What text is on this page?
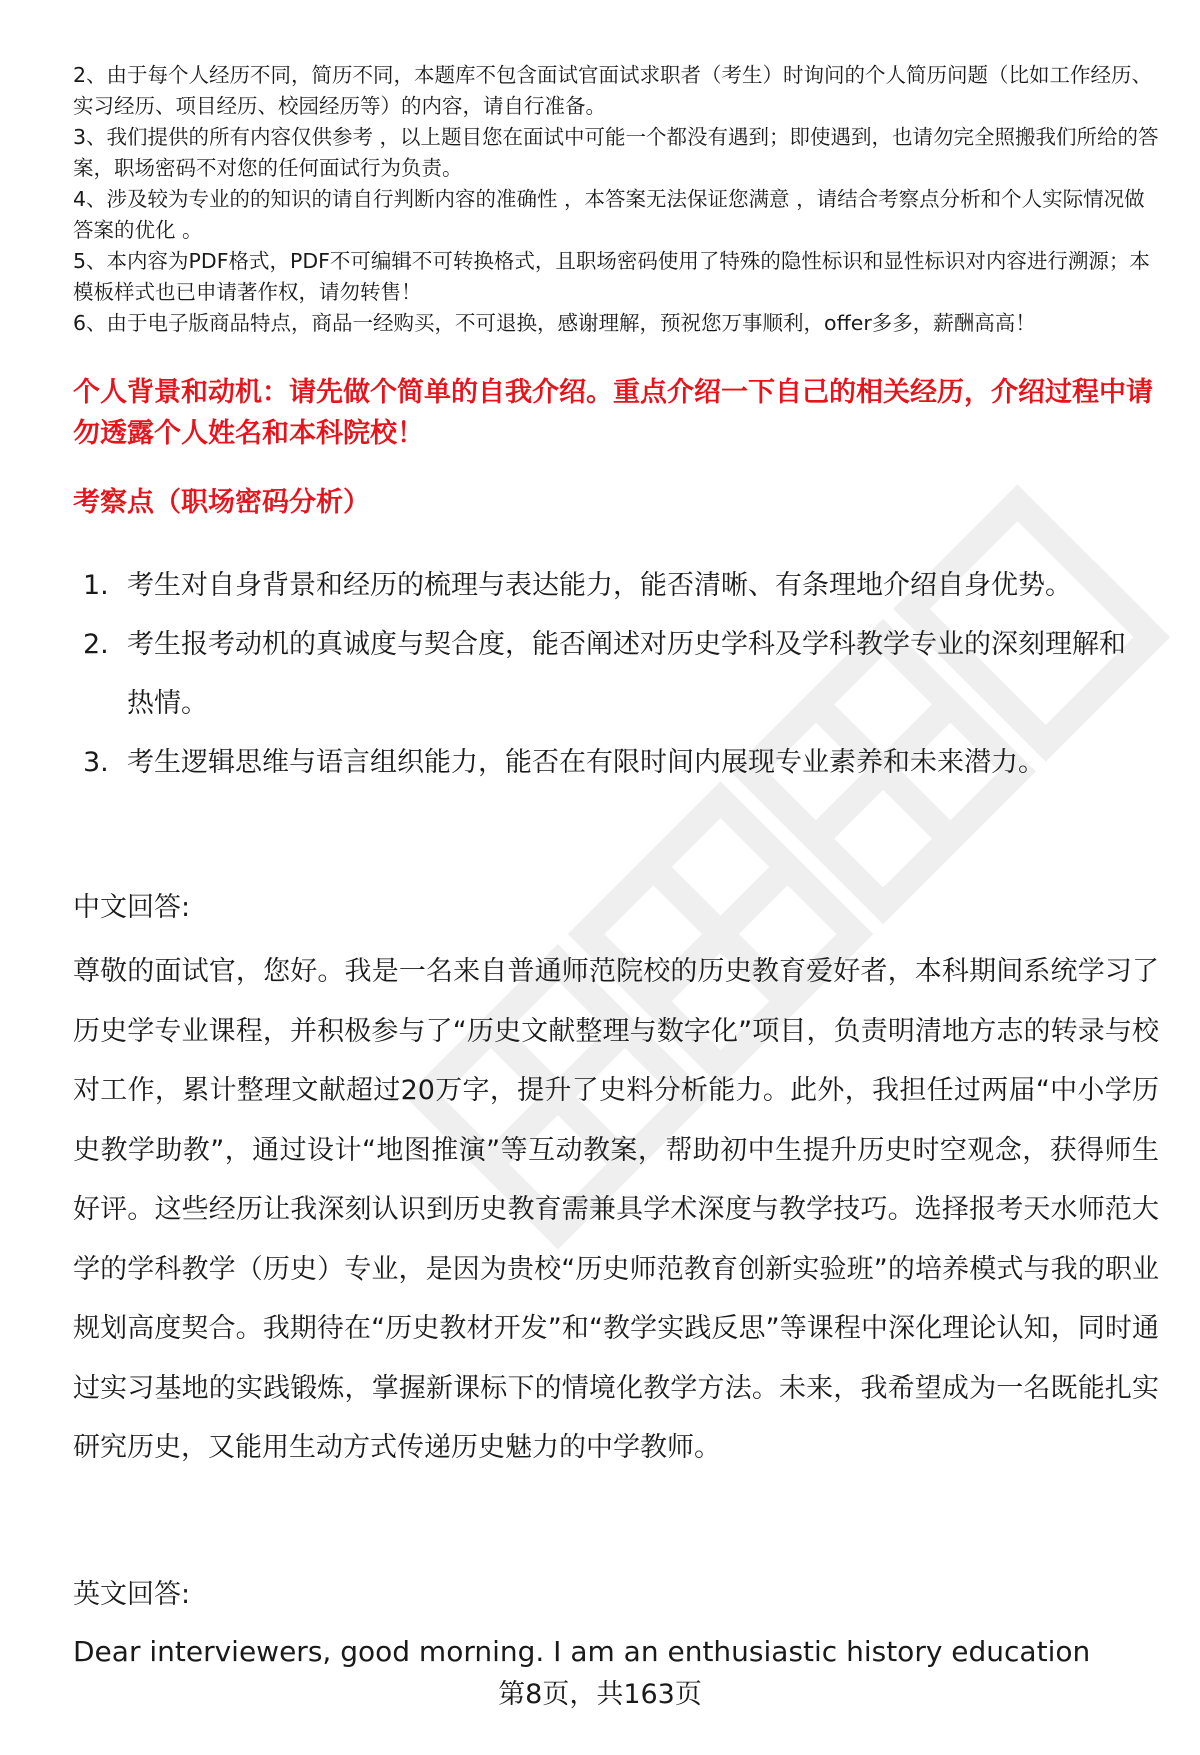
2、由于每个人经历不同，简历不同，本题库不包含面试官面试求职者（考生）时询问的个人简历问题（比如工作经历、实习经历、项目经历、校园经历等）的内容，请自行准备。

3、我们提供的所有内容仅供参考 ，以上题目您在面试中可能一个都没有遇到；即使遇到，也请勿完全照搬我们所给的答案，职场密码不对您的任何面试行为负责。

4、涉及较为专业的的知识的请自行判断内容的准确性 ，本答案无法保证您满意 ，请结合考察点分析和个人实际情况做答案的优化 。

5、本内容为PDF格式，PDF不可编辑不可转换格式，且职场密码使用了特殊的隐性标识和显性标识对内容进行溯源；本模板样式也已申请著作权，请勿转售！

6、由于电子版商品特点，商品一经购买，不可退换，感谢理解，预祝您万事顺利，offer多多，薪酬高高！

个人背景和动机：请先做个简单的自我介绍。重点介绍一下自己的相关经历，介绍过程中请勿透露个人姓名和本科院校！
考察点（职场密码分析）
1. 考生对自身背景和经历的梳理与表达能力，能否清晰、有条理地介绍自身优势。
2. 考生报考动机的真诚度与契合度，能否阐述对历史学科及学科教学专业的深刻理解和热情。
3. 考生逻辑思维与语言组织能力，能否在有限时间内展现专业素养和未来潜力。
中文回答:
尊敬的面试官，您好。我是一名来自普通师范院校的历史教育爱好者，本科期间系统学习了历史学专业课程，并积极参与了“历史文献整理与数字化”项目，负责明清地方志的转录与校对工作，累计整理文献超过20万字，提升了史料分析能力。此外，我担任过两届“中小学历史教学助教”，通过设计“地图推演”等互动教案，帮助初中生提升历史时空观念，获得师生好评。这些经历让我深刻认识到历史教育需兼具学术深度与教学技巧。选择报考天水师范大学的学科教学（历史）专业，是因为贵校“历史师范教育创新实验班”的培养模式与我的职业规划高度契合。我期待在“历史教材开发”和“教学实践反思”等课程中深化理论认知，同时通过实习基地的实践锻炼，掌握新课标下的情境化教学方法。未来，我希望成为一名既能扎实研究历史，又能用生动方式传递历史魅力的中学教师。
英文回答:
Dear interviewers, good morning. I am an enthusiastic history education
第8页，共163页
